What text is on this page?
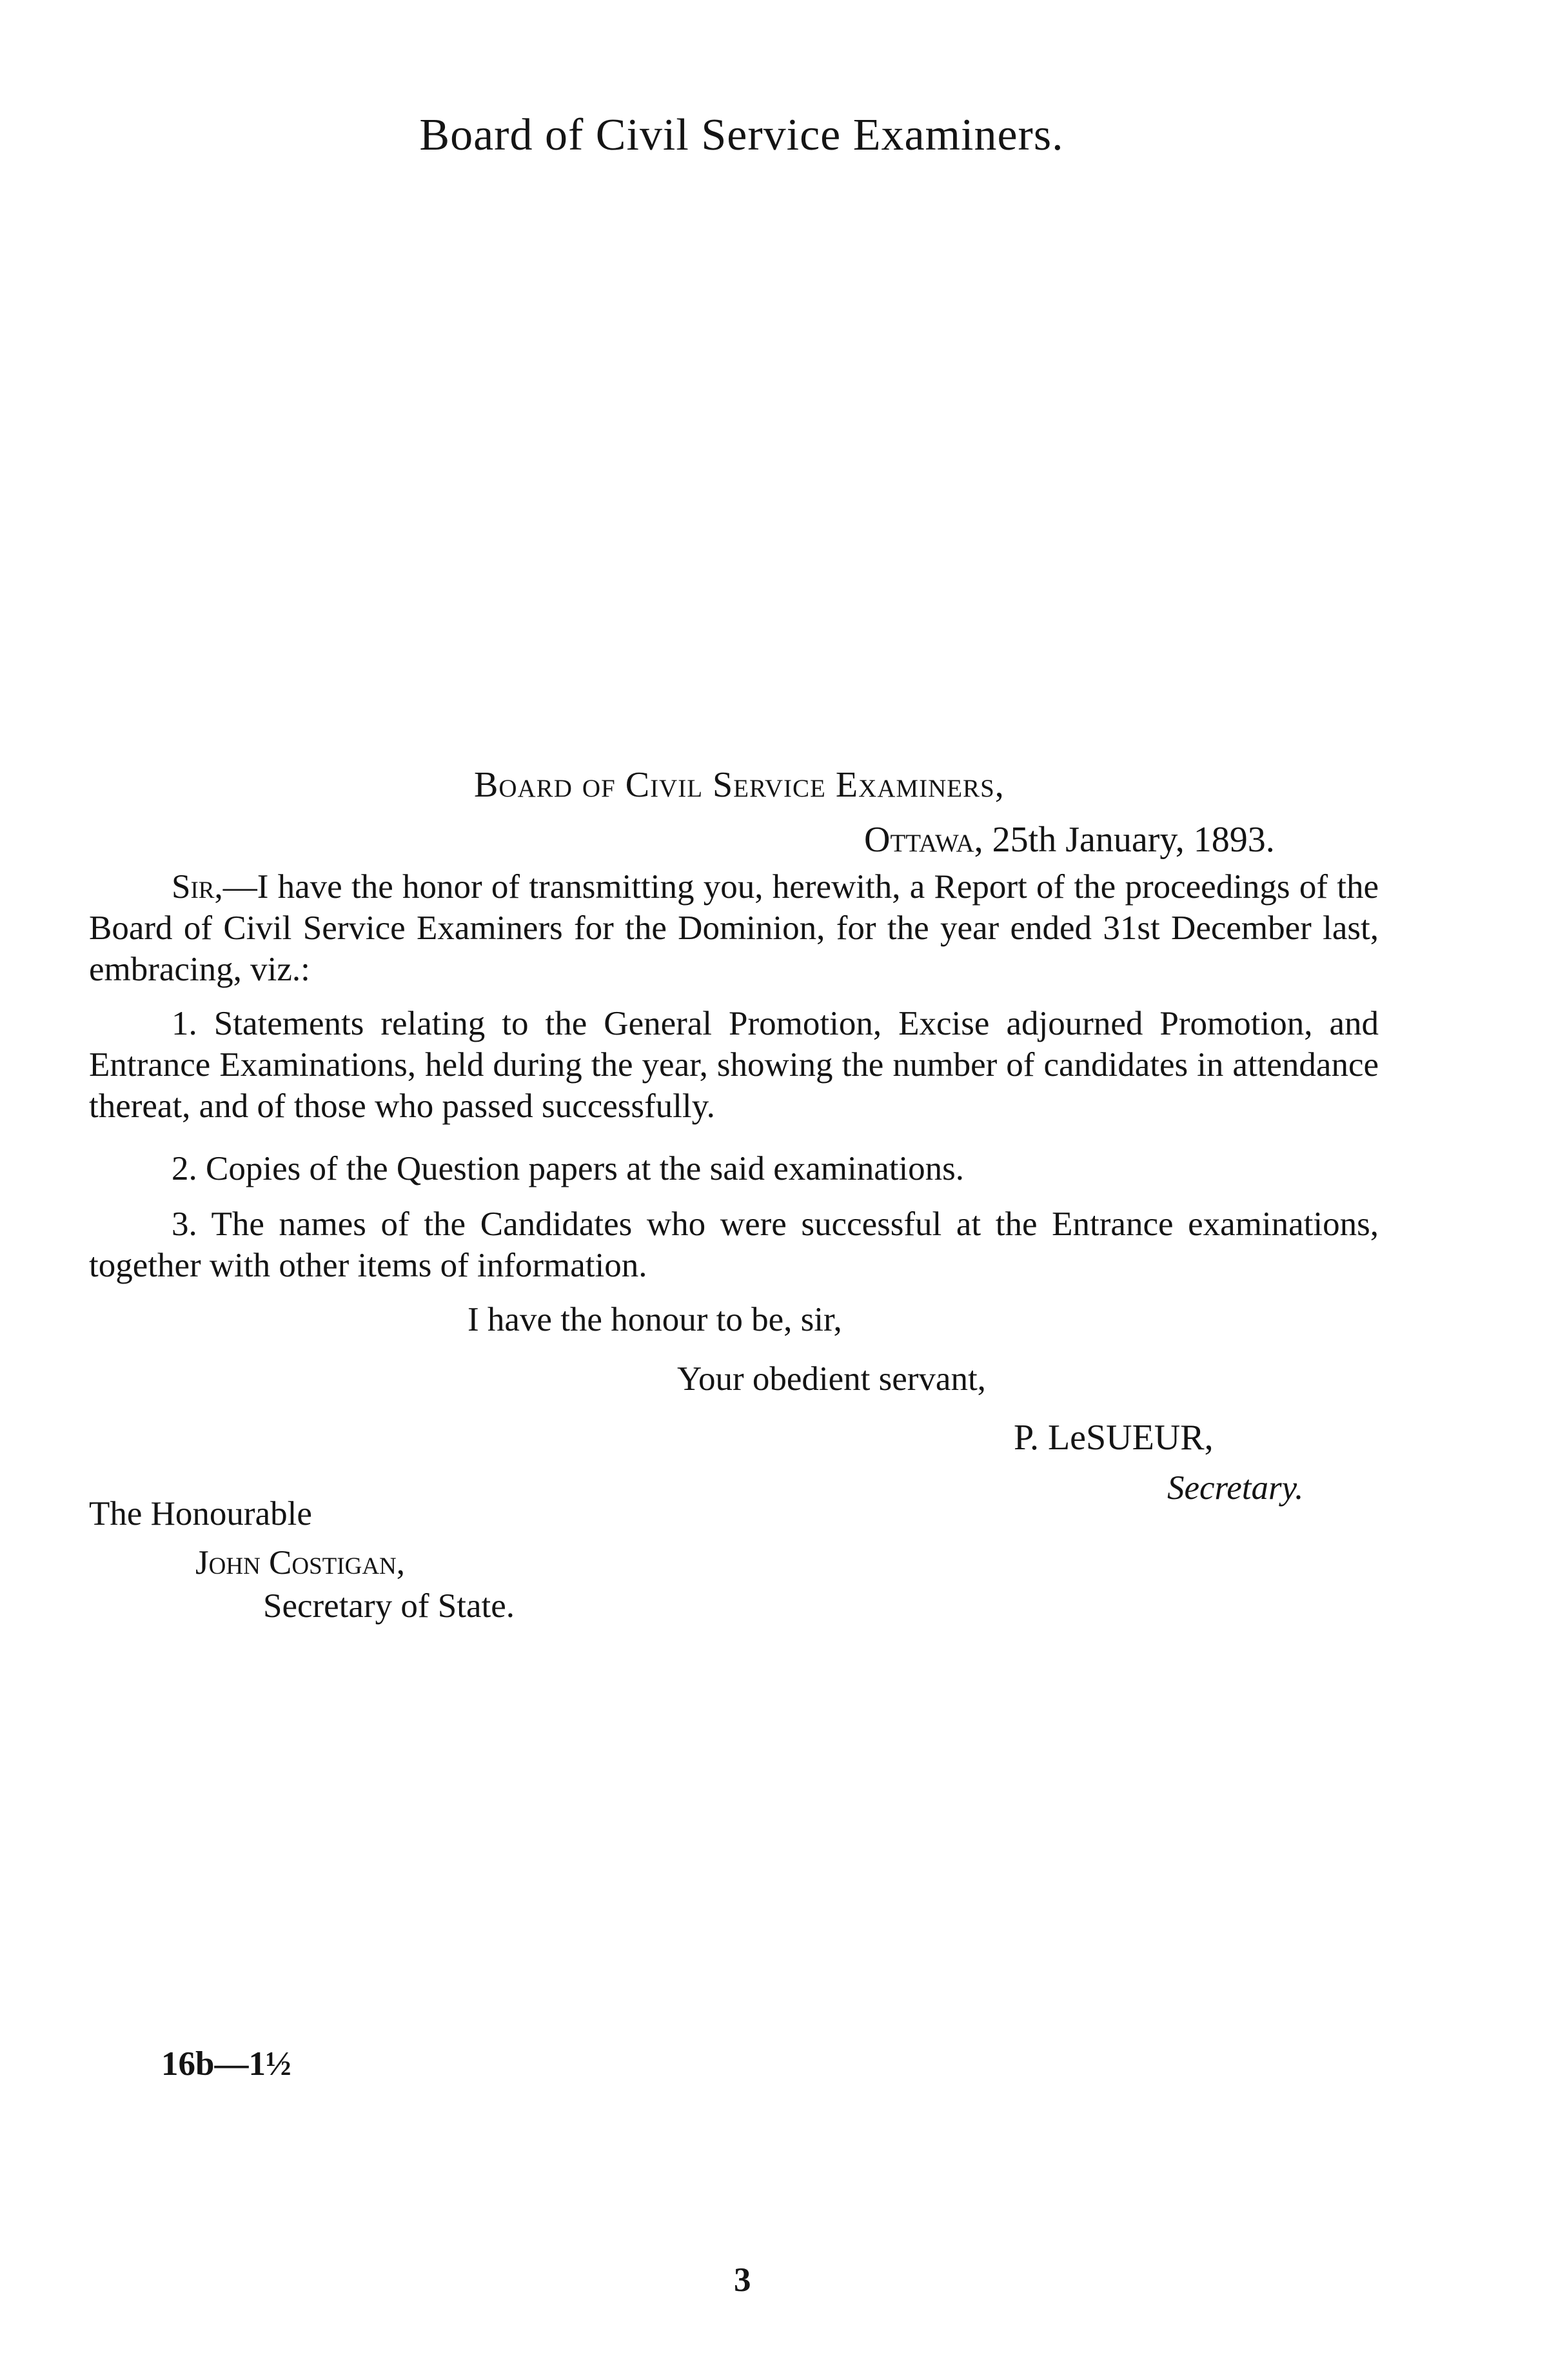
Board of Civil Service Examiners.
Board of Civil Service Examiners,
Ottawa, 25th January, 1893.
Sir,—I have the honor of transmitting you, herewith, a Report of the proceedings of the Board of Civil Service Examiners for the Dominion, for the year ended 31st December last, embracing, viz.:
1. Statements relating to the General Promotion, Excise adjourned Promotion, and Entrance Examinations, held during the year, showing the number of candidates in attendance thereat, and of those who passed successfully.
2. Copies of the Question papers at the said examinations.
3. The names of the Candidates who were successful at the Entrance examinations, together with other items of information.
I have the honour to be, sir,
Your obedient servant,
P. LeSUEUR,
Secretary.
The Honourable
John Costigan,
Secretary of State.
16b—1½
3
